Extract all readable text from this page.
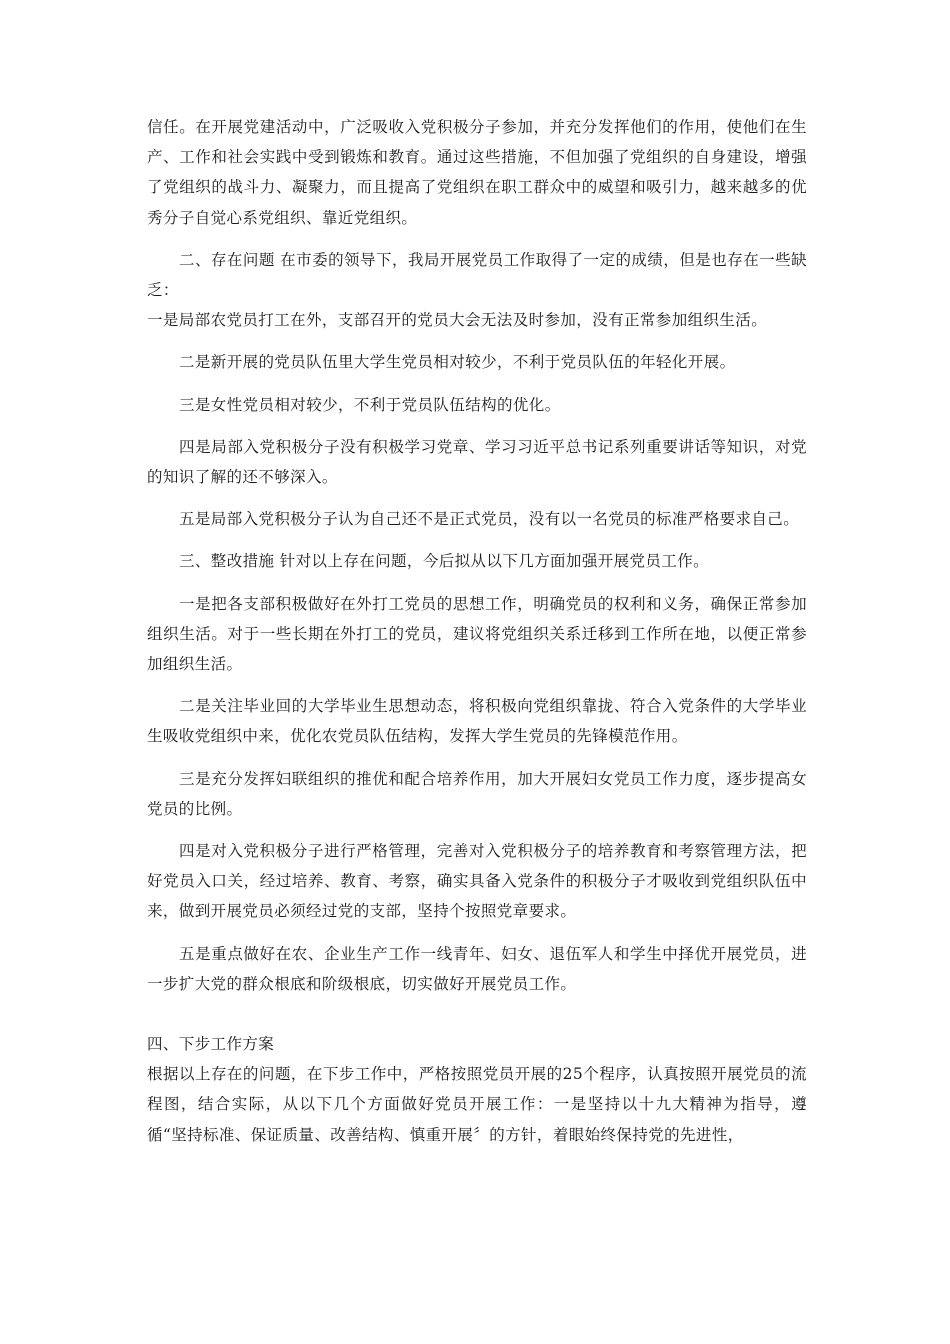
信任。在开展党建活动中，广泛吸收入党积极分子参加，并充分发挥他们的作用，使他们在生产、工作和社会实践中受到锻炼和教育。通过这些措施，不但加强了党组织的自身建设，增强了党组织的战斗力、凝聚力，而且提高了党组织在职工群众中的威望和吸引力，越来越多的优秀分子自觉心系党组织、靠近党组织。

二、存在问题 在市委的领导下，我局开展党员工作取得了一定的成绩，但是也存在一些缺乏：

一是局部农党员打工在外，支部召开的党员大会无法及时参加，没有正常参加组织生活。

二是新开展的党员队伍里大学生党员相对较少，不利于党员队伍的年轻化开展。

三是女性党员相对较少，不利于党员队伍结构的优化。

四是局部入党积极分子没有积极学习党章、学习习近平总书记系列重要讲话等知识，对党的知识了解的还不够深入。

五是局部入党积极分子认为自己还不是正式党员，没有以一名党员的标准严格要求自己。

三、整改措施 针对以上存在问题，今后拟从以下几方面加强开展党员工作。

一是把各支部积极做好在外打工党员的思想工作，明确党员的权利和义务，确保正常参加组织生活。对于一些长期在外打工的党员，建议将党组织关系迁移到工作所在地，以便正常参加组织生活。

二是关注毕业回的大学毕业生思想动态，将积极向党组织靠拢、符合入党条件的大学毕业生吸收党组织中来，优化农党员队伍结构，发挥大学生党员的先锋模范作用。

三是充分发挥妇联组织的推优和配合培养作用，加大开展妇女党员工作力度，逐步提高女党员的比例。

四是对入党积极分子进行严格管理，完善对入党积极分子的培养教育和考察管理方法，把好党员入口关，经过培养、教育、考察，确实具备入党条件的积极分子才吸收到党组织队伍中来，做到开展党员必须经过党的支部，坚持个按照党章要求。

五是重点做好在农、企业生产工作一线青年、妇女、退伍军人和学生中择优开展党员，进一步扩大党的群众根底和阶级根底，切实做好开展党员工作。

四、下步工作方案

根据以上存在的问题，在下步工作中，严格按照党员开展的25个程序，认真按照开展党员的流程图，结合实际，从以下几个方面做好党员开展工作：一是坚持以十九大精神为指导，遵循“坚持标准、保证质量、改善结构、慎重开展〞的方针，着眼始终保持党的先进性，
